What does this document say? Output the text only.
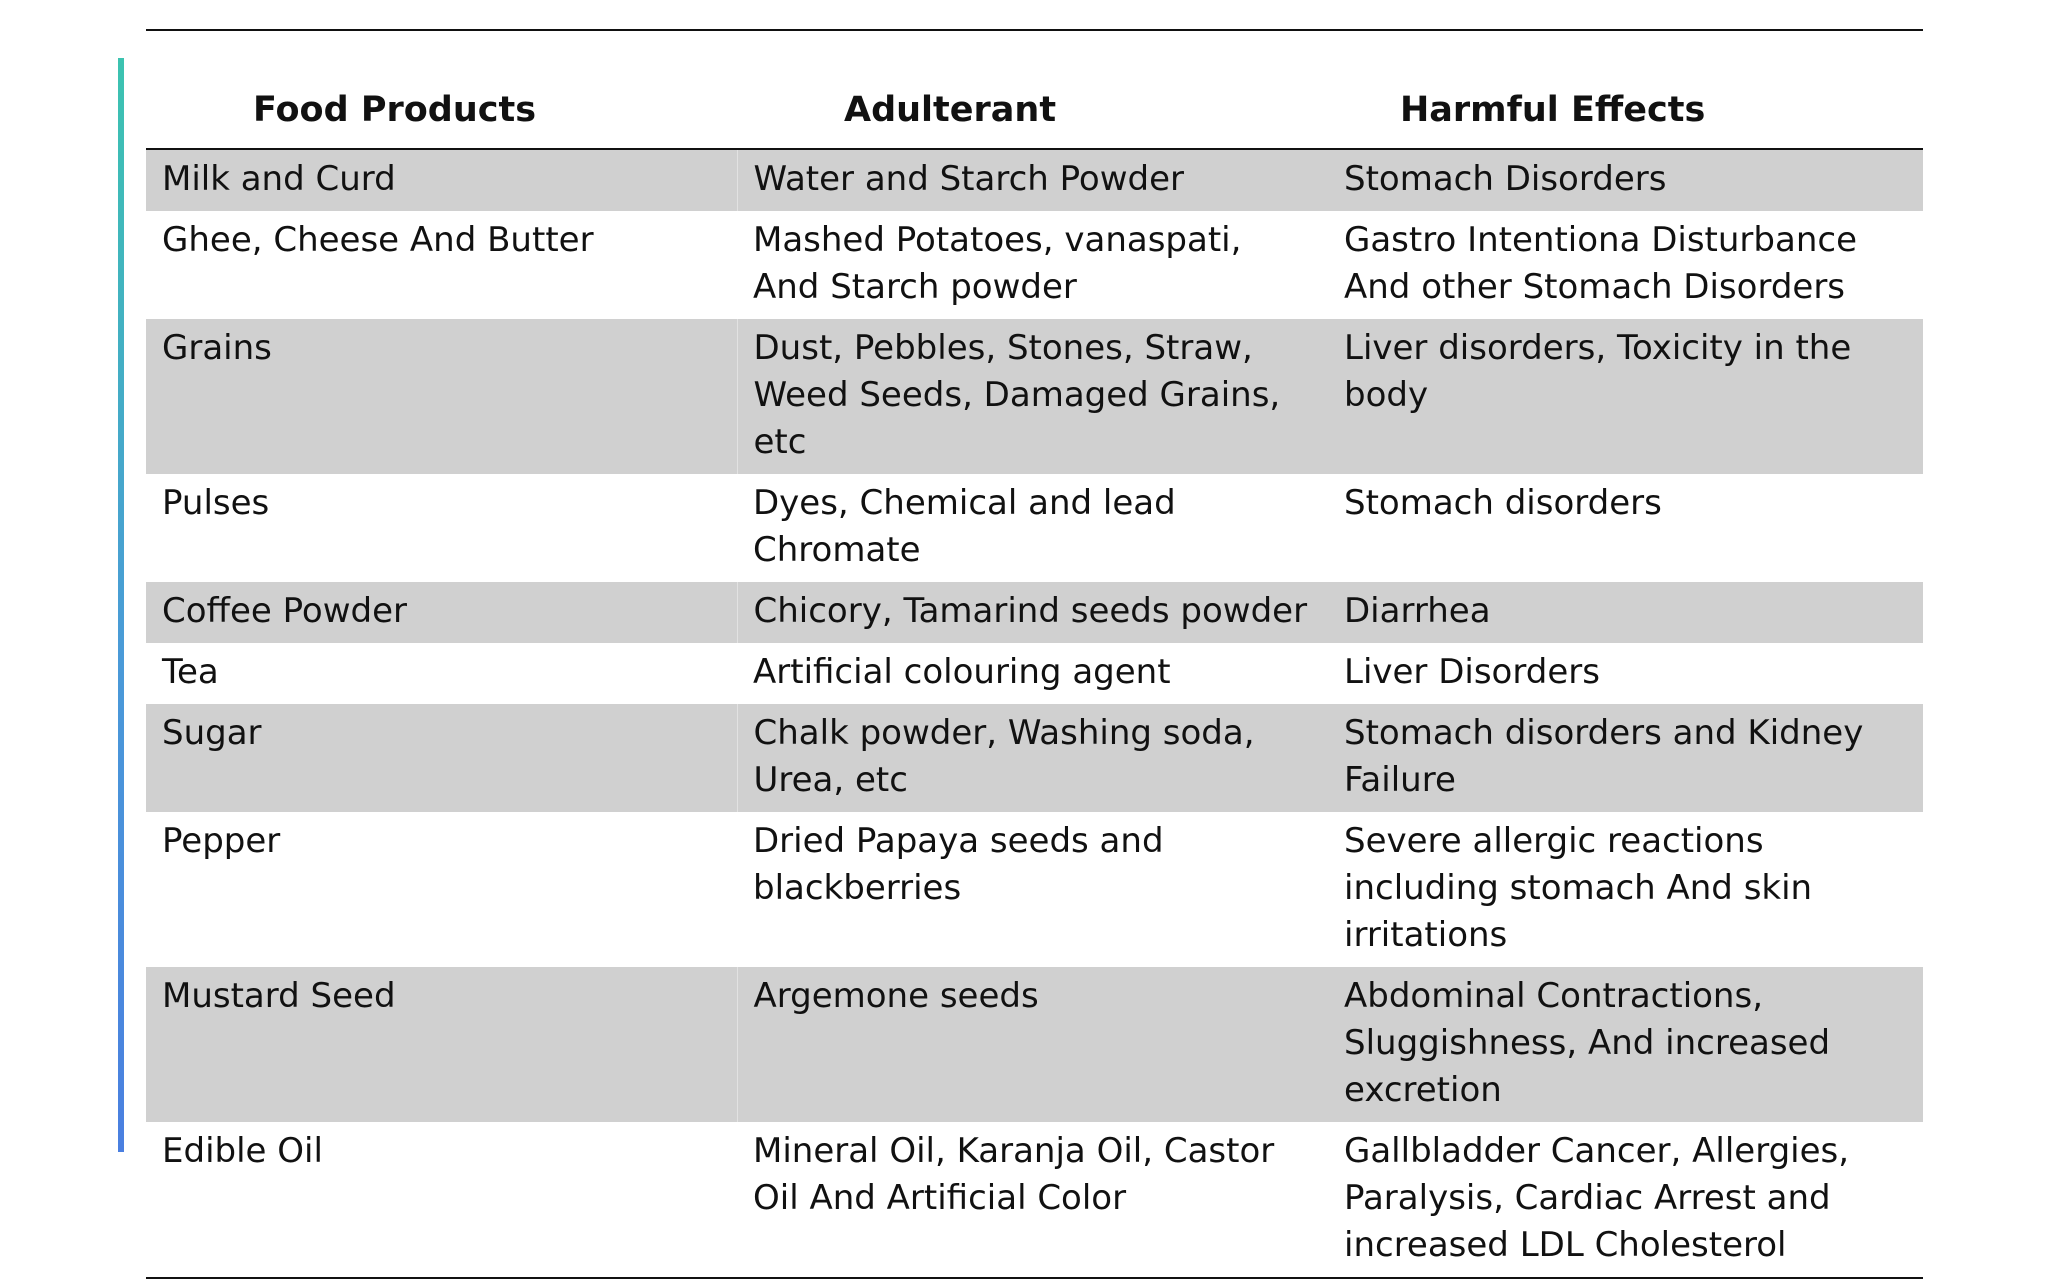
Food Products	Adulterant	Harmful Effects
Milk and Curd	Water and Starch Powder	Stomach Disorders
Ghee, Cheese And Butter	Mashed Potatoes, vanaspati, And Starch powder	Gastro Intentiona Disturbance And other Stomach Disorders
Grains	Dust, Pebbles, Stones, Straw, Weed Seeds, Damaged Grains, etc	Liver disorders, Toxicity in the body
Pulses	Dyes, Chemical and lead Chromate	Stomach disorders
Coffee Powder	Chicory, Tamarind seeds powder	Diarrhea
Tea	Artificial colouring agent	Liver Disorders
Sugar	Chalk powder, Washing soda, Urea, etc	Stomach disorders and Kidney Failure
Pepper	Dried Papaya seeds and blackberries	Severe allergic reactions including stomach And skin irritations
Mustard Seed	Argemone seeds	Abdominal Contractions, Sluggishness, And increased excretion
Edible Oil	Mineral Oil, Karanja Oil, Castor Oil And Artificial Color	Gallbladder Cancer, Allergies, Paralysis, Cardiac Arrest and increased LDL Cholesterol
